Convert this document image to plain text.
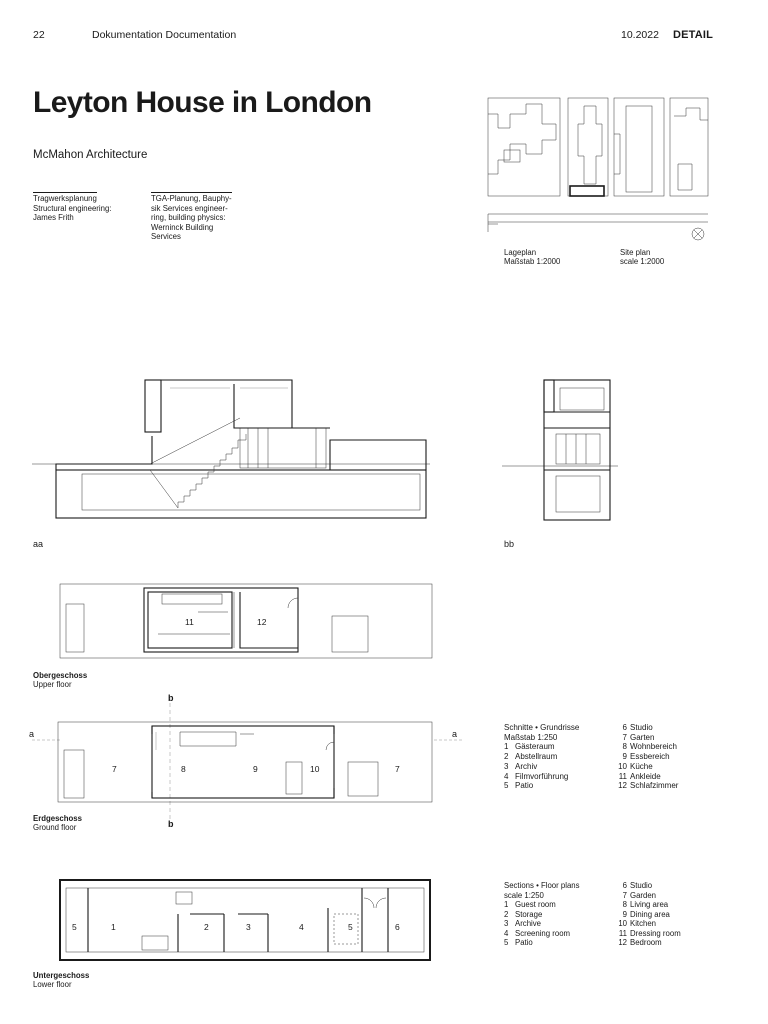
22	Dokumentation Documentation	10.2022 DETAIL
Leyton House in London
McMahon Architecture
Tragwerksplanung
Structural engineering:
James Frith
TGA-Planung, Bauphy-
sik Services engineer-
ring, building physics:
Werninck Building
Services
Lageplan
Maßstab 1:2000
Site plan
scale 1:2000
aa	bb
11	12
Obergeschoss
Upper floor
a	a
b
b
7	8	9	10	7
Erdgeschoss
Ground floor
5	1	2	3	4	5	6
Untergeschoss
Lower floor
Schnitte • Grundrisse
Maßstab 1:250
1 Gästeraum
2 Abstellraum
3 Archiv
4 Filmvorführung
5 Patio
6 Studio
7 Garten
8 Wohnbereich
9 Essbereich
10 Küche
11 Ankleide
12 Schlafzimmer
Sections • Floor plans
scale 1:250
1 Guest room
2 Storage
3 Archive
4 Screening room
5 Patio
6 Studio
7 Garden
8 Living area
9 Dining area
10 Kitchen
11 Dressing room
12 Bedroom
